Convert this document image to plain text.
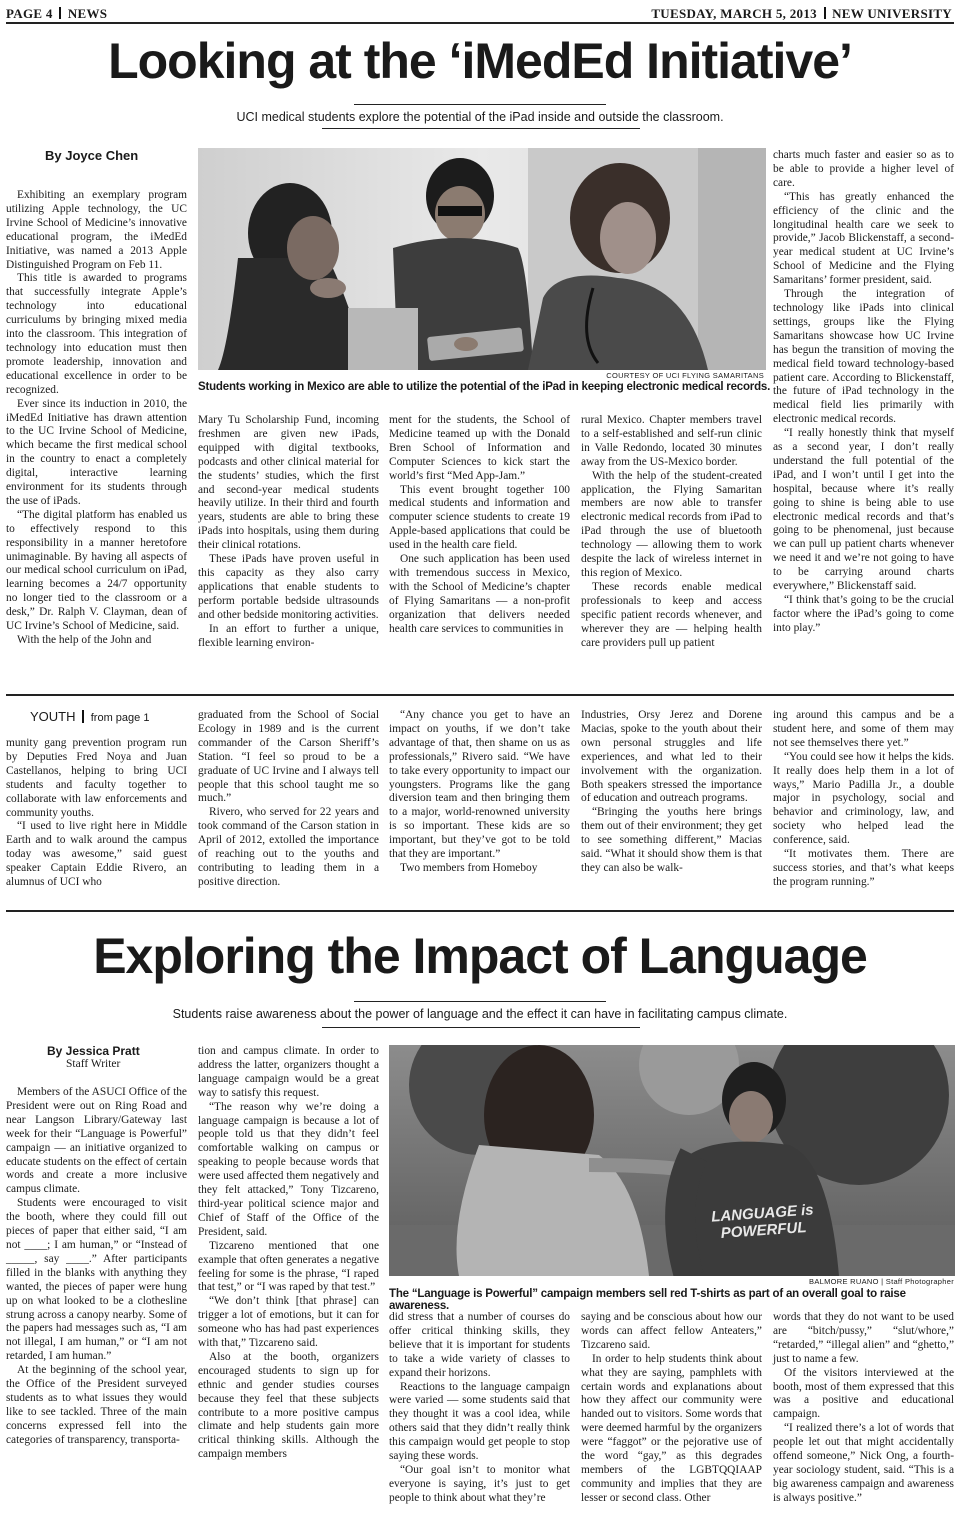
PAGE 4 NEWS	TUESDAY, MARCH 5, 2013 NEW UNIVERSITY
Looking at the ‘iMedEd Initiative’
UCI medical students explore the potential of the iPad inside and outside the classroom.
By Joyce Chen
COURTESY OF UCI FLYING SAMARITANS
Students working in Mexico are able to utilize the potential of the iPad in keeping electronic medical records.

Exhibiting an exemplary program utilizing Apple technology, the UC Irvine School of Medicine’s innovative educational program, the iMedEd Initiative, was named a 2013 Apple Distinguished Program on Feb 11.

This title is awarded to programs that successfully integrate Apple’s technology into educational curriculums by bringing mixed media into the classroom. This integration of technology into education must then promote leadership, innovation and educational excellence in order to be recognized.

Ever since its induction in 2010, the iMedEd Initiative has drawn attention to the UC Irvine School of Medicine, which became the first medical school in the country to enact a completely digital, interactive learning environment for its students through the use of iPads.

“The digital platform has enabled us to effectively respond to this responsibility in a manner heretofore unimaginable. By having all aspects of our medical school curriculum on iPad, learning becomes a 24/7 opportunity no longer tied to the classroom or a desk,” Dr. Ralph V. Clayman, dean of UC Irvine’s School of Medicine, said.

With the help of the John and

Mary Tu Scholarship Fund, incoming freshmen are given new iPads, equipped with digital textbooks, podcasts and other clinical material for the students’ studies, which the first and second-year medical students heavily utilize. In their third and fourth years, students are able to bring these iPads into hospitals, using them during their clinical rotations.

These iPads have proven useful in this capacity as they also carry applications that enable students to perform portable bedside ultrasounds and other bedside monitoring activities.

In an effort to further a unique, flexible learning environ-

ment for the students, the School of Medicine teamed up with the Donald Bren School of Information and Computer Sciences to kick start the world’s first “Med App-Jam.”

This event brought together 100 medical students and information and computer science students to create 19 Apple-based applications that could be used in the health care field.

One such application has been used with tremendous success in Mexico, with the School of Medicine’s chapter of Flying Samaritans — a non-profit organization that delivers needed health care services to communities in

rural Mexico. Chapter members travel to a self-established and self-run clinic in Valle Redondo, located 30 minutes away from the US-Mexico border.

With the help of the student-created application, the Flying Samaritan members are now able to transfer electronic medical records from iPad to iPad through the use of bluetooth technology — allowing them to work despite the lack of wireless internet in this region of Mexico.

These records enable medical professionals to keep and access specific patient records whenever, and wherever they are — helping health care providers pull up patient

charts much faster and easier so as to be able to provide a higher level of care.

“This has greatly enhanced the efficiency of the clinic and the longitudinal health care we seek to provide,” Jacob Blickenstaff, a second-year medical student at UC Irvine’s School of Medicine and the Flying Samaritans’ former president, said.

Through the integration of technology like iPads into clinical settings, groups like the Flying Samaritans showcase how UC Irvine has begun the transition of moving the medical field toward technology-based patient care. According to Blickenstaff, the future of iPad technology in the medical field lies primarily with electronic medical records.

“I really honestly think that myself as a second year, I don’t really understand the full potential of the iPad, and I won’t until I get into the hospital, because where it’s really going to shine is being able to use electronic medical records and that’s going to be phenomenal, just because we can pull up patient charts whenever we need it and we’re not going to have to be carrying around charts everywhere,” Blickenstaff said.

“I think that’s going to be the crucial factor where the iPad’s going to come into play.”

YOUTH from page 1

munity gang prevention program run by Deputies Fred Noya and Juan Castellanos, helping to bring UCI students and faculty together to collaborate with law enforcements and community youths.

“I used to live right here in Middle Earth and to walk around the campus today was awesome,” said guest speaker Captain Eddie Rivero, an alumnus of UCI who

graduated from the School of Social Ecology in 1989 and is the current commander of the Carson Sheriff’s Station. “I feel so proud to be a graduate of UC Irvine and I always tell people that this school taught me so much.”

Rivero, who served for 22 years and took command of the Carson station in April of 2012, extolled the importance of reaching out to the youths and contributing to leading them in a positive direction.

“Any chance you get to have an impact on youths, if we don’t take advantage of that, then shame on us as professionals,” Rivero said. “We have to take every opportunity to impact our youngsters. Programs like the gang diversion team and then bringing them to a major, world-renowned university is so important. These kids are so important, but they’ve got to be told that they are important.”

Two members from Homeboy

Industries, Orsy Jerez and Dorene Macias, spoke to the youth about their own personal struggles and life experiences, and what led to their involvement with the organization. Both speakers stressed the importance of education and outreach programs.

“Bringing the youths here brings them out of their environment; they get to see something different,” Macias said. “What it should show them is that they can also be walk-

ing around this campus and be a student here, and some of them may not see themselves there yet.”

“You could see how it helps the kids. It really does help them in a lot of ways,” Mario Padilla Jr., a double major in psychology, social and behavior and criminology, law, and society who helped lead the conference, said.

“It motivates them. There are success stories, and that’s what keeps the program running.”

Exploring the Impact of Language
Students raise awareness about the power of language and the effect it can have in facilitating campus climate.
By Jessica Pratt
Staff Writer
LANGUAGE is POWERFUL
BALMORE RUANO | Staff Photographer
The “Language is Powerful” campaign members sell red T-shirts as part of an overall goal to raise awareness.

Members of the ASUCI Office of the President were out on Ring Road and near Langson Library/Gateway last week for their “Language is Powerful” campaign — an initiative organized to educate students on the effect of certain words and create a more inclusive campus climate.

Students were encouraged to visit the booth, where they could fill out pieces of paper that either said, “I am not ____; I am human,” or “Instead of _____, say ____.” After participants filled in the blanks with anything they wanted, the pieces of paper were hung up on what looked to be a clothesline strung across a canopy nearby. Some of the papers had messages such as, “I am not illegal, I am human,” or “I am not retarded, I am human.”

At the beginning of the school year, the Office of the President surveyed students as to what issues they would like to see tackled. Three of the main concerns expressed fell into the categories of transparency, transporta-

tion and campus climate. In order to address the latter, organizers thought a language campaign would be a great way to satisfy this request.

“The reason why we’re doing a language campaign is because a lot of people told us that they didn’t feel comfortable walking on campus or speaking to people because words that were used affected them negatively and they felt attacked,” Tony Tizcareno, third-year political science major and Chief of Staff of the Office of the President, said.

Tizcareno mentioned that one example that often generates a negative feeling for some is the phrase, “I raped that test,” or “I was raped by that test.”

“We don’t think [that phrase] can trigger a lot of emotions, but it can for someone who has had past experiences with that,” Tizcareno said.

Also at the booth, organizers encouraged students to sign up for ethnic and gender studies courses because they feel that these subjects contribute to a more positive campus climate and help students gain more critical thinking skills. Although the campaign members

did stress that a number of courses do offer critical thinking skills, they believe that it is important for students to take a wide variety of classes to expand their horizons.

Reactions to the language campaign were varied — some students said that they thought it was a cool idea, while others said that they didn’t really think this campaign would get people to stop saying these words.

“Our goal isn’t to monitor what everyone is saying, it’s just to get people to think about what they’re

saying and be conscious about how our words can affect fellow Anteaters,” Tizcareno said.

In order to help students think about what they are saying, pamphlets with certain words and explanations about how they affect our community were handed out to visitors. Some words that were deemed harmful by the organizers were “faggot” or the pejorative use of the word “gay,” as this degrades members of the LGBTQQIAAP community and implies that they are lesser or second class. Other

words that they do not want to be used are “bitch/pussy,” “slut/whore,” “retarded,” “illegal alien” and “ghetto,” just to name a few.

Of the visitors interviewed at the booth, most of them expressed that this was a positive and educational campaign.

“I realized there’s a lot of words that people let out that might accidentally offend someone,” Nick Ong, a fourth-year sociology student, said. “This is a big awareness campaign and awareness is always positive.”
